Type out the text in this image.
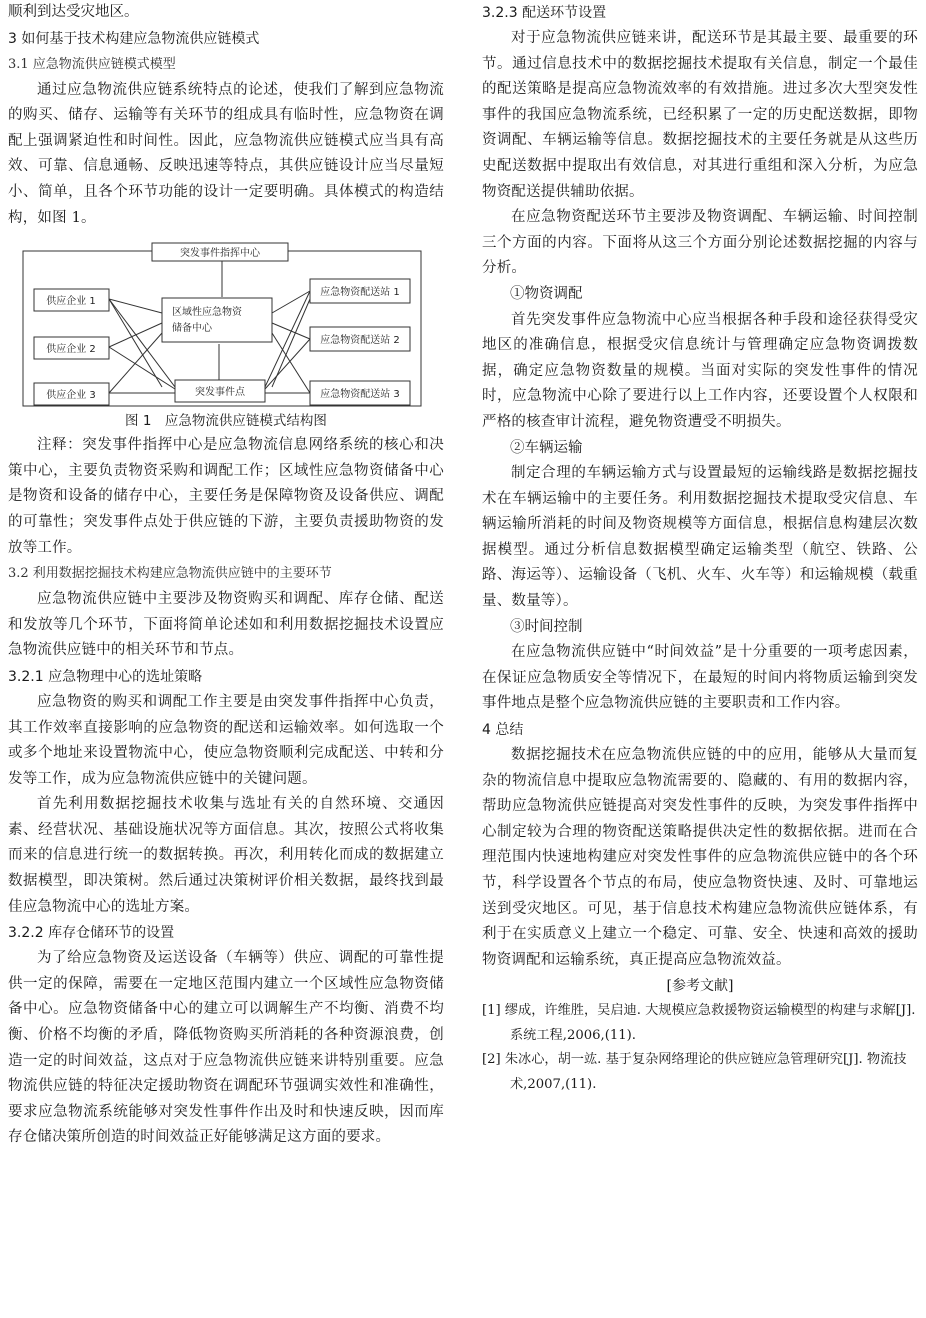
顺利到达受灾地区。

3 如何基于技术构建应急物流供应链模式

3.1 应急物流供应链模式模型

通过应急物流供应链系统特点的论述，使我们了解到应急物流的购买、储存、运输等有关环节的组成具有临时性，应急物资在调配上强调紧迫性和时间性。因此，应急物流供应链模式应当具有高效、可靠、信息通畅、反映迅速等特点，其供应链设计应当尽量短小、简单，且各个环节功能的设计一定要明确。具体模式的构造结构，如图 1。

突发事件指挥中心
供应企业 1
供应企业 2
供应企业 3
区域性应急物资
储备中心
突发事件点
应急物资配送站 1
应急物资配送站 2
应急物资配送站 3

图 1　应急物流供应链模式结构图

注释：突发事件指挥中心是应急物流信息网络系统的核心和决策中心，主要负责物资采购和调配工作；区域性应急物资储备中心是物资和设备的储存中心，主要任务是保障物资及设备供应、调配的可靠性；突发事件点处于供应链的下游，主要负责援助物资的发放等工作。

3.2 利用数据挖掘技术构建应急物流供应链中的主要环节

应急物流供应链中主要涉及物资购买和调配、库存仓储、配送和发放等几个环节，下面将简单论述如和利用数据挖掘技术设置应急物流供应链中的相关环节和节点。

3.2.1 应急物理中心的选址策略

应急物资的购买和调配工作主要是由突发事件指挥中心负责，其工作效率直接影响的应急物资的配送和运输效率。如何选取一个或多个地址来设置物流中心，使应急物资顺利完成配送、中转和分发等工作，成为应急物流供应链中的关键问题。

首先利用数据挖掘技术收集与选址有关的自然环境、交通因素、经营状况、基础设施状况等方面信息。其次，按照公式将收集而来的信息进行统一的数据转换。再次，利用转化而成的数据建立数据模型，即决策树。然后通过决策树评价相关数据，最终找到最佳应急物流中心的选址方案。

3.2.2 库存仓储环节的设置

为了给应急物资及运送设备（车辆等）供应、调配的可靠性提供一定的保障，需要在一定地区范围内建立一个区域性应急物资储备中心。应急物资储备中心的建立可以调解生产不均衡、消费不均衡、价格不均衡的矛盾，降低物资购买所消耗的各种资源浪费，创造一定的时间效益，这点对于应急物流供应链来讲特别重要。应急物流供应链的特征决定援助物资在调配环节强调实效性和准确性，要求应急物流系统能够对突发性事件作出及时和快速反映，因而库存仓储决策所创造的时间效益正好能够满足这方面的要求。

3.2.3 配送环节设置

对于应急物流供应链来讲，配送环节是其最主要、最重要的环节。通过信息技术中的数据挖掘技术提取有关信息，制定一个最佳的配送策略是提高应急物流效率的有效措施。进过多次大型突发性事件的我国应急物流系统，已经积累了一定的历史配送数据，即物资调配、车辆运输等信息。数据挖掘技术的主要任务就是从这些历史配送数据中提取出有效信息，对其进行重组和深入分析，为应急物资配送提供辅助依据。

在应急物资配送环节主要涉及物资调配、车辆运输、时间控制三个方面的内容。下面将从这三个方面分别论述数据挖掘的内容与分析。

①物资调配

首先突发事件应急物流中心应当根据各种手段和途径获得受灾地区的准确信息，根据受灾信息统计与管理确定应急物资调拨数据，确定应急物资数量的规模。当面对实际的突发性事件的情况时，应急物流中心除了要进行以上工作内容，还要设置个人权限和严格的核查审计流程，避免物资遭受不明损失。

②车辆运输

制定合理的车辆运输方式与设置最短的运输线路是数据挖掘技术在车辆运输中的主要任务。利用数据挖掘技术提取受灾信息、车辆运输所消耗的时间及物资规模等方面信息，根据信息构建层次数据模型。通过分析信息数据模型确定运输类型（航空、铁路、公路、海运等）、运输设备（飞机、火车、火车等）和运输规模（载重量、数量等）。

③时间控制

在应急物流供应链中“时间效益”是十分重要的一项考虑因素，在保证应急物质安全等情况下，在最短的时间内将物质运输到突发事件地点是整个应急物流供应链的主要职责和工作内容。

4 总结

数据挖掘技术在应急物流供应链的中的应用，能够从大量而复杂的物流信息中提取应急物流需要的、隐藏的、有用的数据内容，帮助应急物流供应链提高对突发性事件的反映，为突发事件指挥中心制定较为合理的物资配送策略提供决定性的数据依据。进而在合理范围内快速地构建应对突发性事件的应急物流供应链中的各个环节，科学设置各个节点的布局，使应急物资快速、及时、可靠地运送到受灾地区。可见，基于信息技术构建应急物流供应链体系，有利于在实质意义上建立一个稳定、可靠、安全、快速和高效的援助物资调配和运输系统，真正提高应急物流效益。

[参考文献]

[1] 缪成，许维胜，吴启迪. 大规模应急救援物资运输模型的构建与求解[J]. 系统工程,2006,(11).

[2] 朱冰心，胡一竑. 基于复杂网络理论的供应链应急管理研究[J]. 物流技术,2007,(11).
